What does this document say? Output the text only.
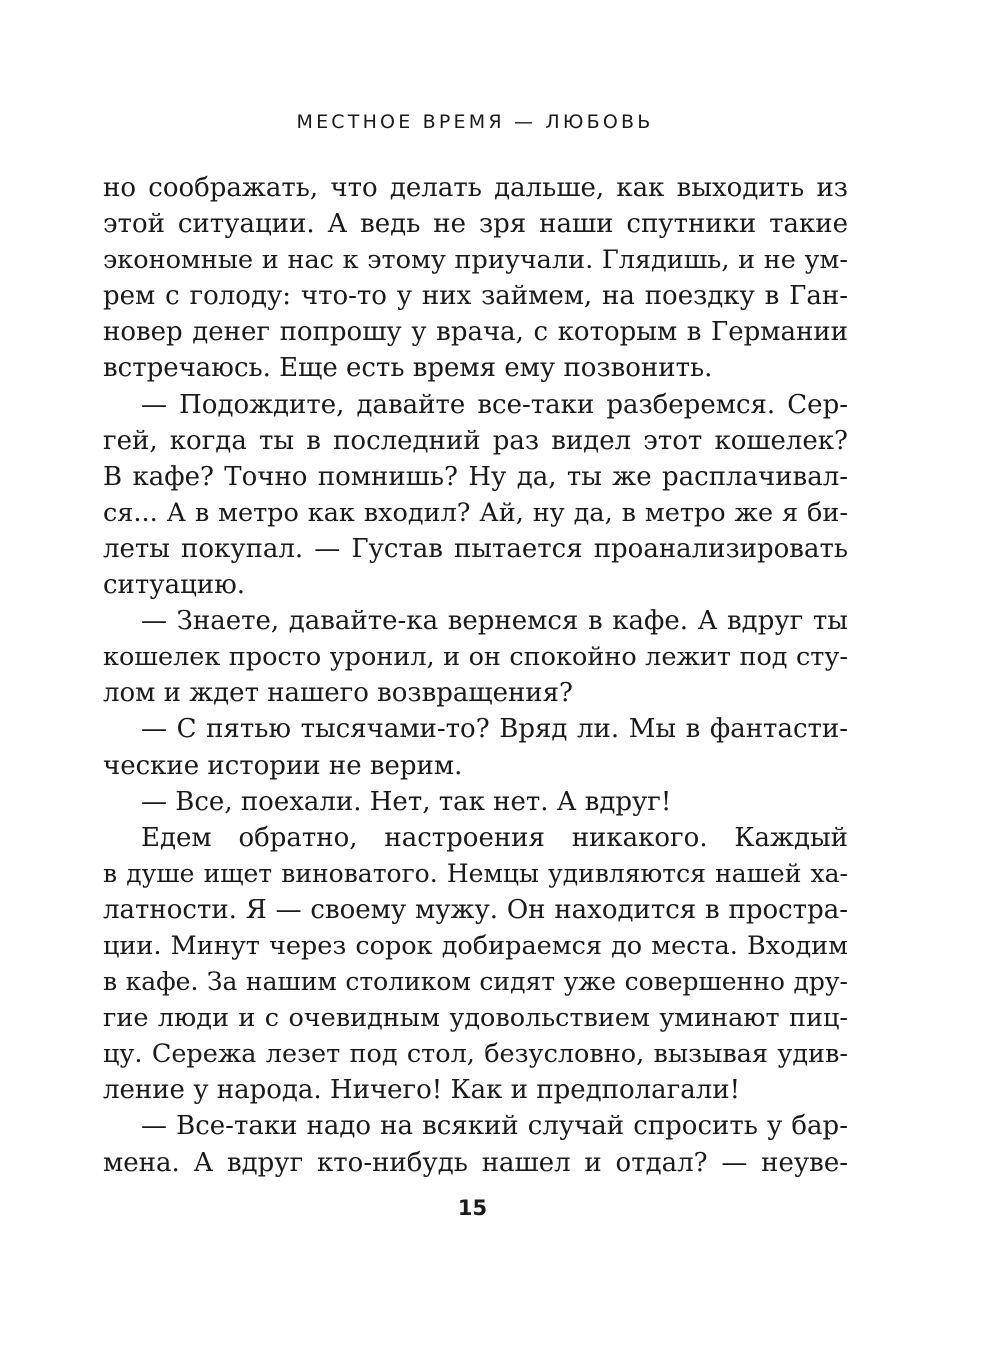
МЕСТНОЕ ВРЕМЯ — ЛЮБОВЬ
но соображать, что делать дальше, как выходить из
этой ситуации. А ведь не зря наши спутники такие
экономные и нас к этому приучали. Глядишь, и не ум-
рем с голоду: что-то у них займем, на поездку в Ган-
новер денег попрошу у врача, с которым в Германии
встречаюсь. Еще есть время ему позвонить.
— Подождите, давайте все-таки разберемся. Сер-
гей, когда ты в последний раз видел этот кошелек?
В кафе? Точно помнишь? Ну да, ты же расплачивал-
ся... А в метро как входил? Ай, ну да, в метро же я би-
леты покупал. — Густав пытается проанализировать
ситуацию.
— Знаете, давайте-ка вернемся в кафе. А вдруг ты
кошелек просто уронил, и он спокойно лежит под сту-
лом и ждет нашего возвращения?
— С пятью тысячами-то? Вряд ли. Мы в фантасти-
ческие истории не верим.
— Все, поехали. Нет, так нет. А вдруг!
Едем обратно, настроения никакого. Каждый
в душе ищет виноватого. Немцы удивляются нашей ха-
латности. Я — своему мужу. Он находится в простра-
ции. Минут через сорок добираемся до места. Входим
в кафе. За нашим столиком сидят уже совершенно дру-
гие люди и с очевидным удовольствием уминают пиц-
цу. Сережа лезет под стол, безусловно, вызывая удив-
ление у народа. Ничего! Как и предполагали!
— Все-таки надо на всякий случай спросить у бар-
мена. А вдруг кто-нибудь нашел и отдал? — неуве-
15
